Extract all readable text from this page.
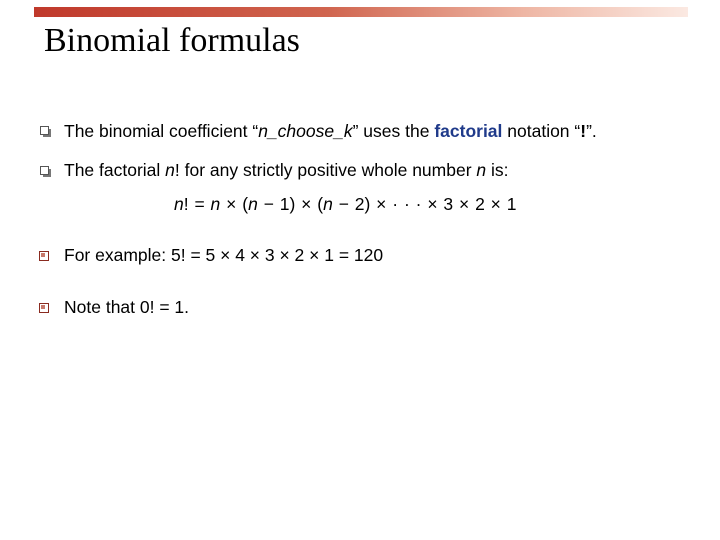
Binomial formulas
The binomial coefficient “n_choose_k” uses the factorial notation “!”.
The factorial n! for any strictly positive whole number n is:
n! = n × (n − 1) × (n − 2) × · · · × 3 × 2 × 1
For example: 5! = 5 × 4 × 3 × 2 × 1 = 120
Note that 0! = 1.
